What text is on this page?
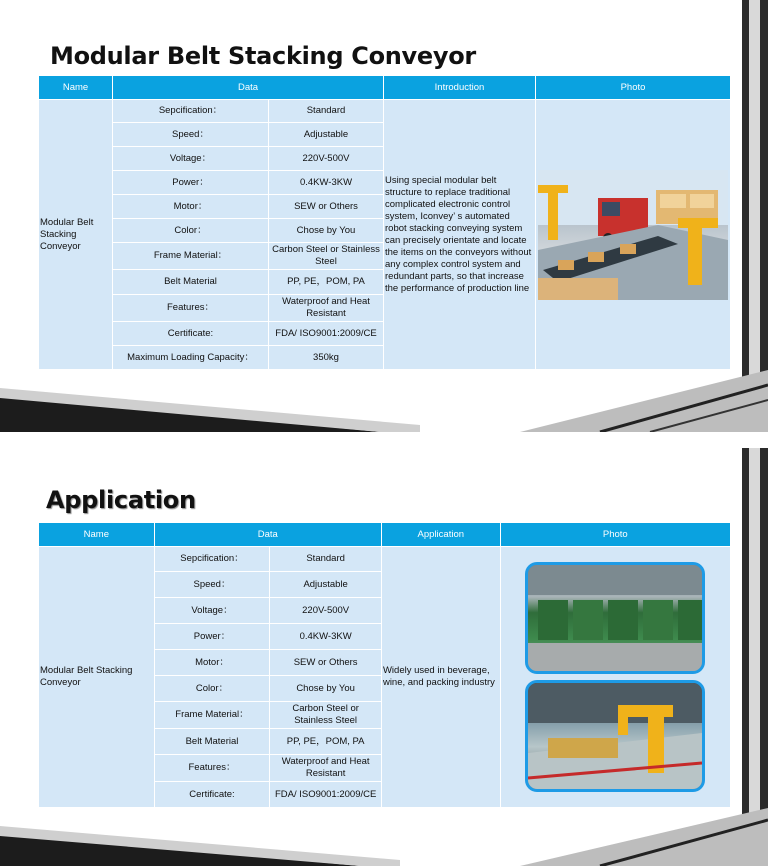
Modular Belt Stacking Conveyor
Name	Data		Introduction	Photo
Modular Belt Stacking Conveyor	Sepcification：	Standard	Using special modular belt structure to replace traditional complicated electronic control system, Iconvey’ s automated robot stacking conveying system can precisely orientate and locate the items on the conveyors without any complex control system and redundant parts, so that increase the performance of production line	

	Speed：	Adjustable		
	Voltage：	220V-500V		
	Power：	0.4KW-3KW		
	Motor：	SEW or Others		
	Color：	Chose by You		
	Frame Material：	Carbon Steel or Stainless Steel		
	Belt Material	PP, PE，POM, PA		
	Features：	Waterproof and Heat Resistant		
	Certificate:	FDA/ ISO9001:2009/CE		
	Maximum Loading Capacity：	350kg		
Application
Name	Data		Application	Photo
Modular Belt Stacking Conveyor	Sepcification：	Standard	Widely used in beverage, wine, and packing industry	

	Speed：	Adjustable		
	Voltage：	220V-500V		
	Power：	0.4KW-3KW		
	Motor：	SEW or Others		
	Color：	Chose by You		
	Frame Material：	Carbon Steel or Stainless Steel		
	Belt Material	PP, PE，POM, PA		
	Features：	Waterproof and Heat Resistant		
	Certificate:	FDA/ ISO9001:2009/CE		
